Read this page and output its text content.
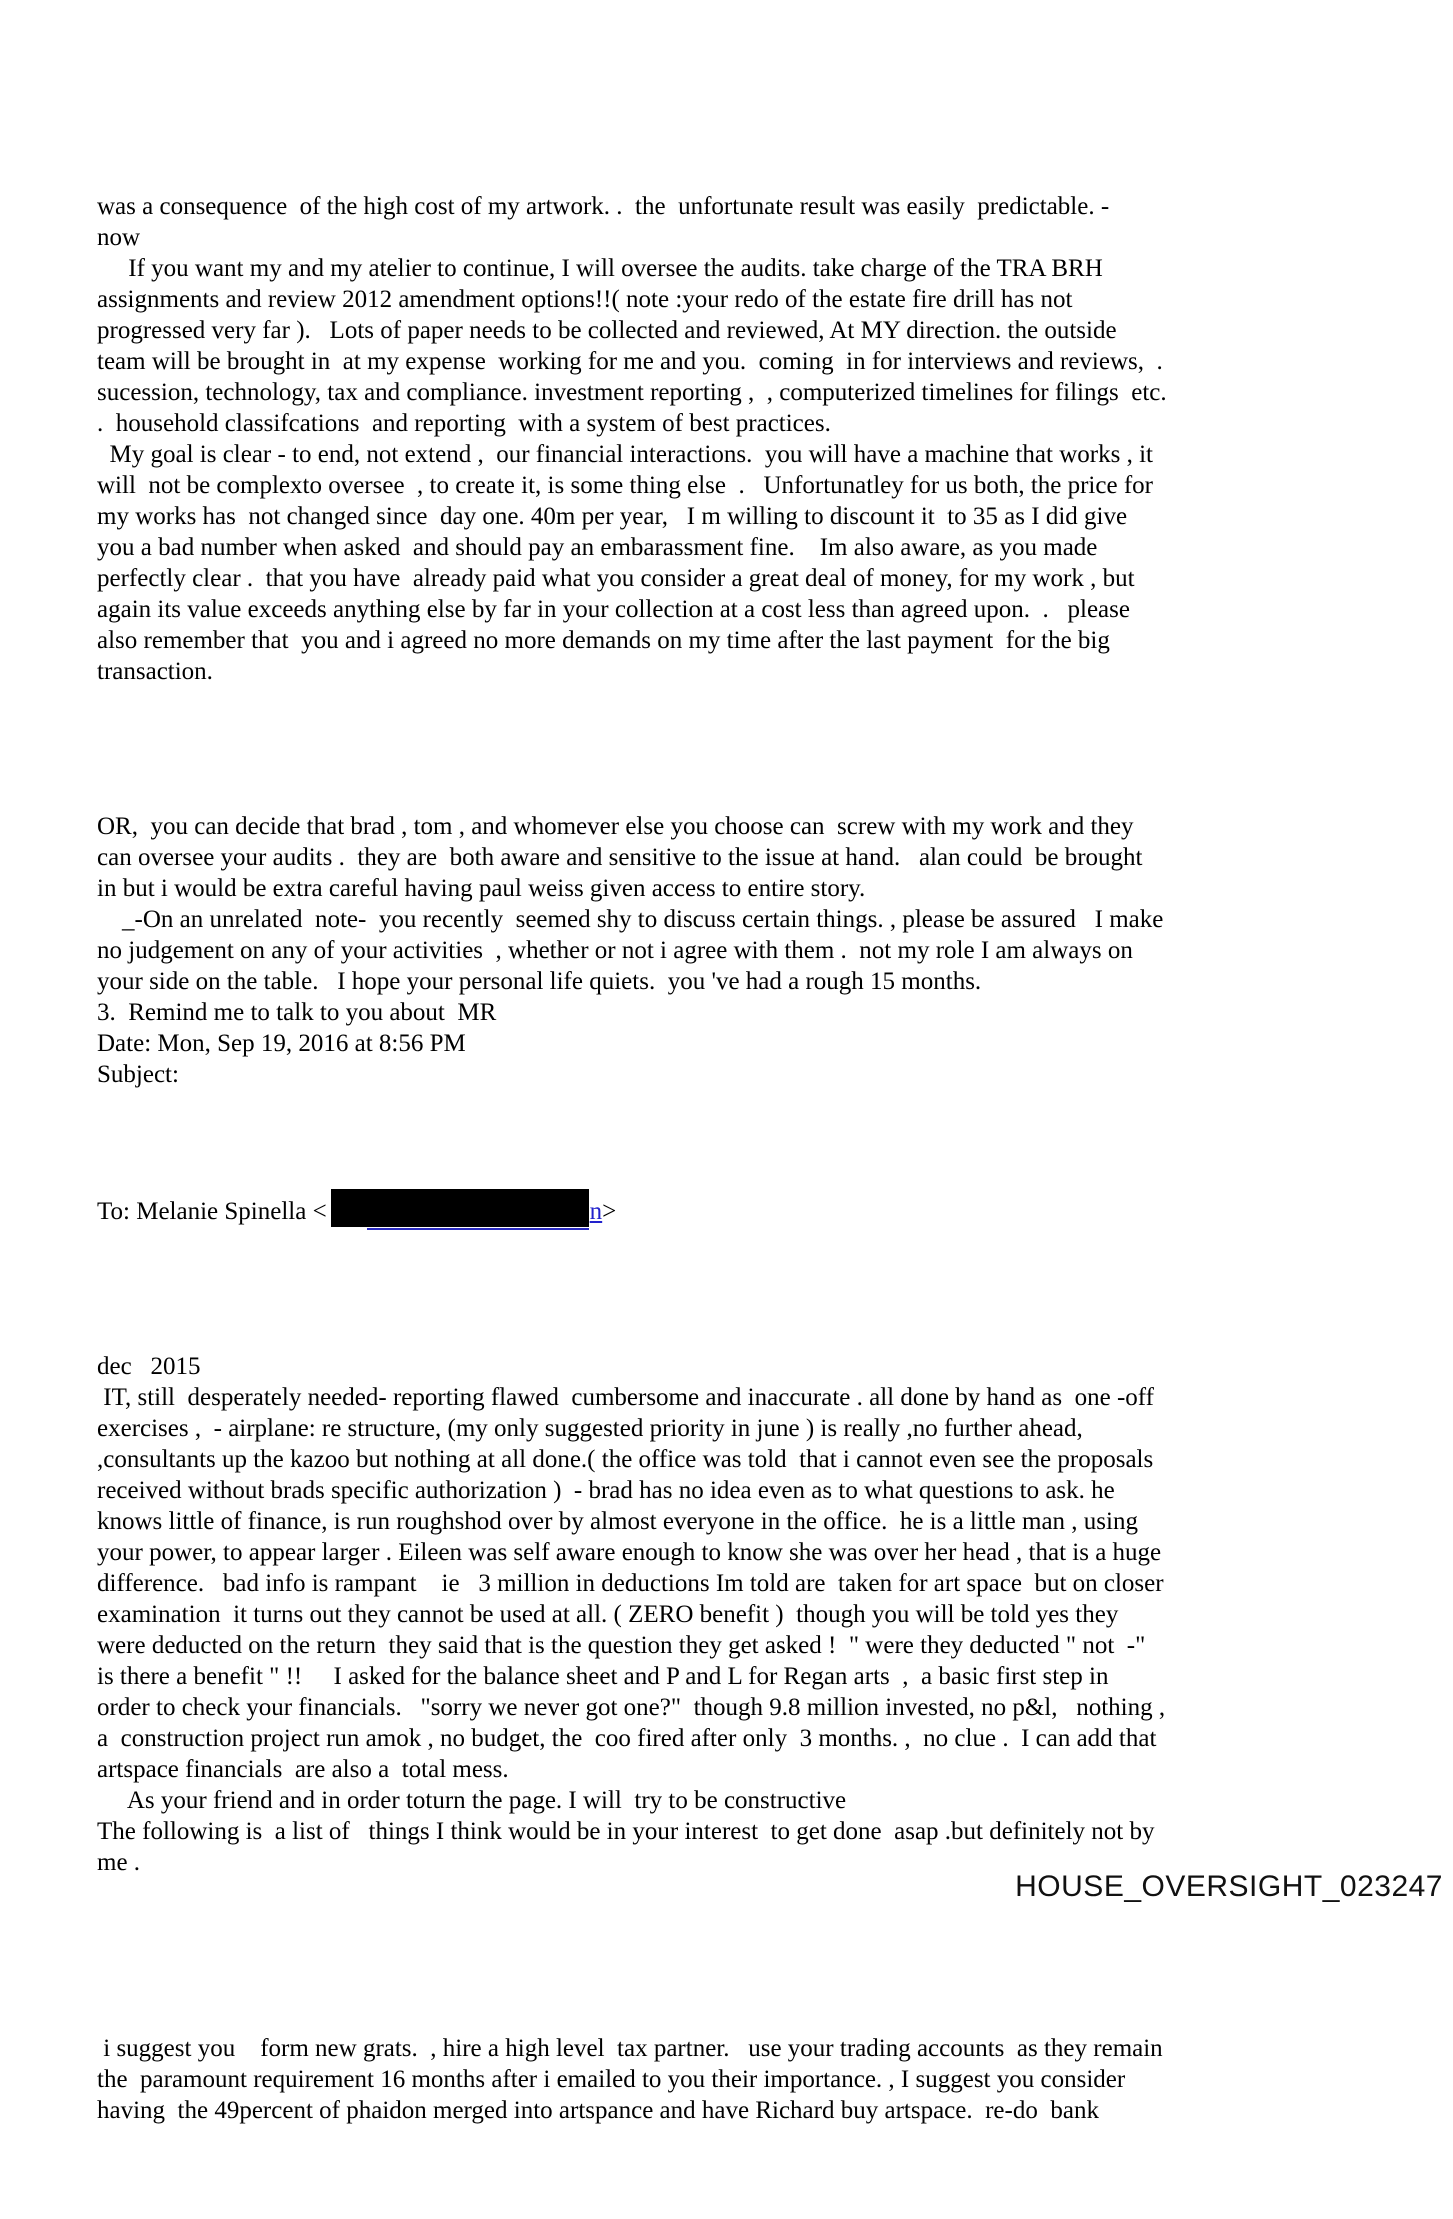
was a consequence  of the high cost of my artwork. .  the  unfortunate result was easily  predictable. -
now
If you want my and my atelier to continue, I will oversee the audits. take charge of the TRA BRH
assignments and review 2012 amendment options!!( note :your redo of the estate fire drill has not
progressed very far ).   Lots of paper needs to be collected and reviewed, At MY direction. the outside
team will be brought in  at my expense  working for me and you.  coming  in for interviews and reviews,  .
sucession, technology, tax and compliance. investment reporting ,  , computerized timelines for filings  etc.
.  household classifcations  and reporting  with a system of best practices.
My goal is clear - to end, not extend ,  our financial interactions.  you will have a machine that works , it
will  not be complexto oversee  , to create it, is some thing else  .   Unfortunatley for us both, the price for
my works has  not changed since  day one. 40m per year,   I m willing to discount it  to 35 as I did give
you a bad number when asked  and should pay an embarassment fine.    Im also aware, as you made
perfectly clear .  that you have  already paid what you consider a great deal of money, for my work , but
again its value exceeds anything else by far in your collection at a cost less than agreed upon.  .   please
also remember that  you and i agreed no more demands on my time after the last payment  for the big
transaction.

OR,  you can decide that brad , tom , and whomever else you choose can  screw with my work and they
can oversee your audits .  they are  both aware and sensitive to the issue at hand.   alan could  be brought
in but i would be extra careful having paul weiss given access to entire story.
_-On an unrelated  note-  you recently  seemed shy to discuss certain things. , please be assured   I make
no judgement on any of your activities  , whether or not i agree with them .  not my role I am always on
your side on the table.   I hope your personal life quiets.  you 've had a rough 15 months.
3.  Remind me to talk to you about  MR
Date: Mon, Sep 19, 2016 at 8:56 PM
Subject:

To: Melanie Spinella <	n >

dec   2015
IT, still  desperately needed- reporting flawed  cumbersome and inaccurate . all done by hand as  one -off
exercises ,  - airplane: re structure, (my only suggested priority in june ) is really ,no further ahead,
,consultants up the kazoo but nothing at all done.( the office was told  that i cannot even see the proposals
received without brads specific authorization )  - brad has no idea even as to what questions to ask. he
knows little of finance, is run roughshod over by almost everyone in the office.  he is a little man , using
your power, to appear larger . Eileen was self aware enough to know she was over her head , that is a huge
difference.   bad info is rampant    ie   3 million in deductions Im told are  taken for art space  but on closer
examination  it turns out they cannot be used at all. ( ZERO benefit )  though you will be told yes they
were deducted on the return  they said that is the question they get asked !  " were they deducted " not  -"
is there a benefit " !!     I asked for the balance sheet and P and L for Regan arts  ,  a basic first step in
order to check your financials.   "sorry we never got one?"  though 9.8 million invested, no p&l,   nothing ,
a  construction project run amok , no budget, the  coo fired after only  3 months. ,  no clue .  I can add that
artspace financials  are also a  total mess.
As your friend and in order toturn the page. I will  try to be constructive
The following is  a list of   things I think would be in your interest  to get done  asap .but definitely not by
me .

i suggest you    form new grats.  , hire a high level  tax partner.   use your trading accounts  as they remain
the  paramount requirement 16 months after i emailed to you their importance. , I suggest you consider
having  the 49percent of phaidon merged into artspance and have Richard buy artspace.  re-do  bank

HOUSE_OVERSIGHT_023247
